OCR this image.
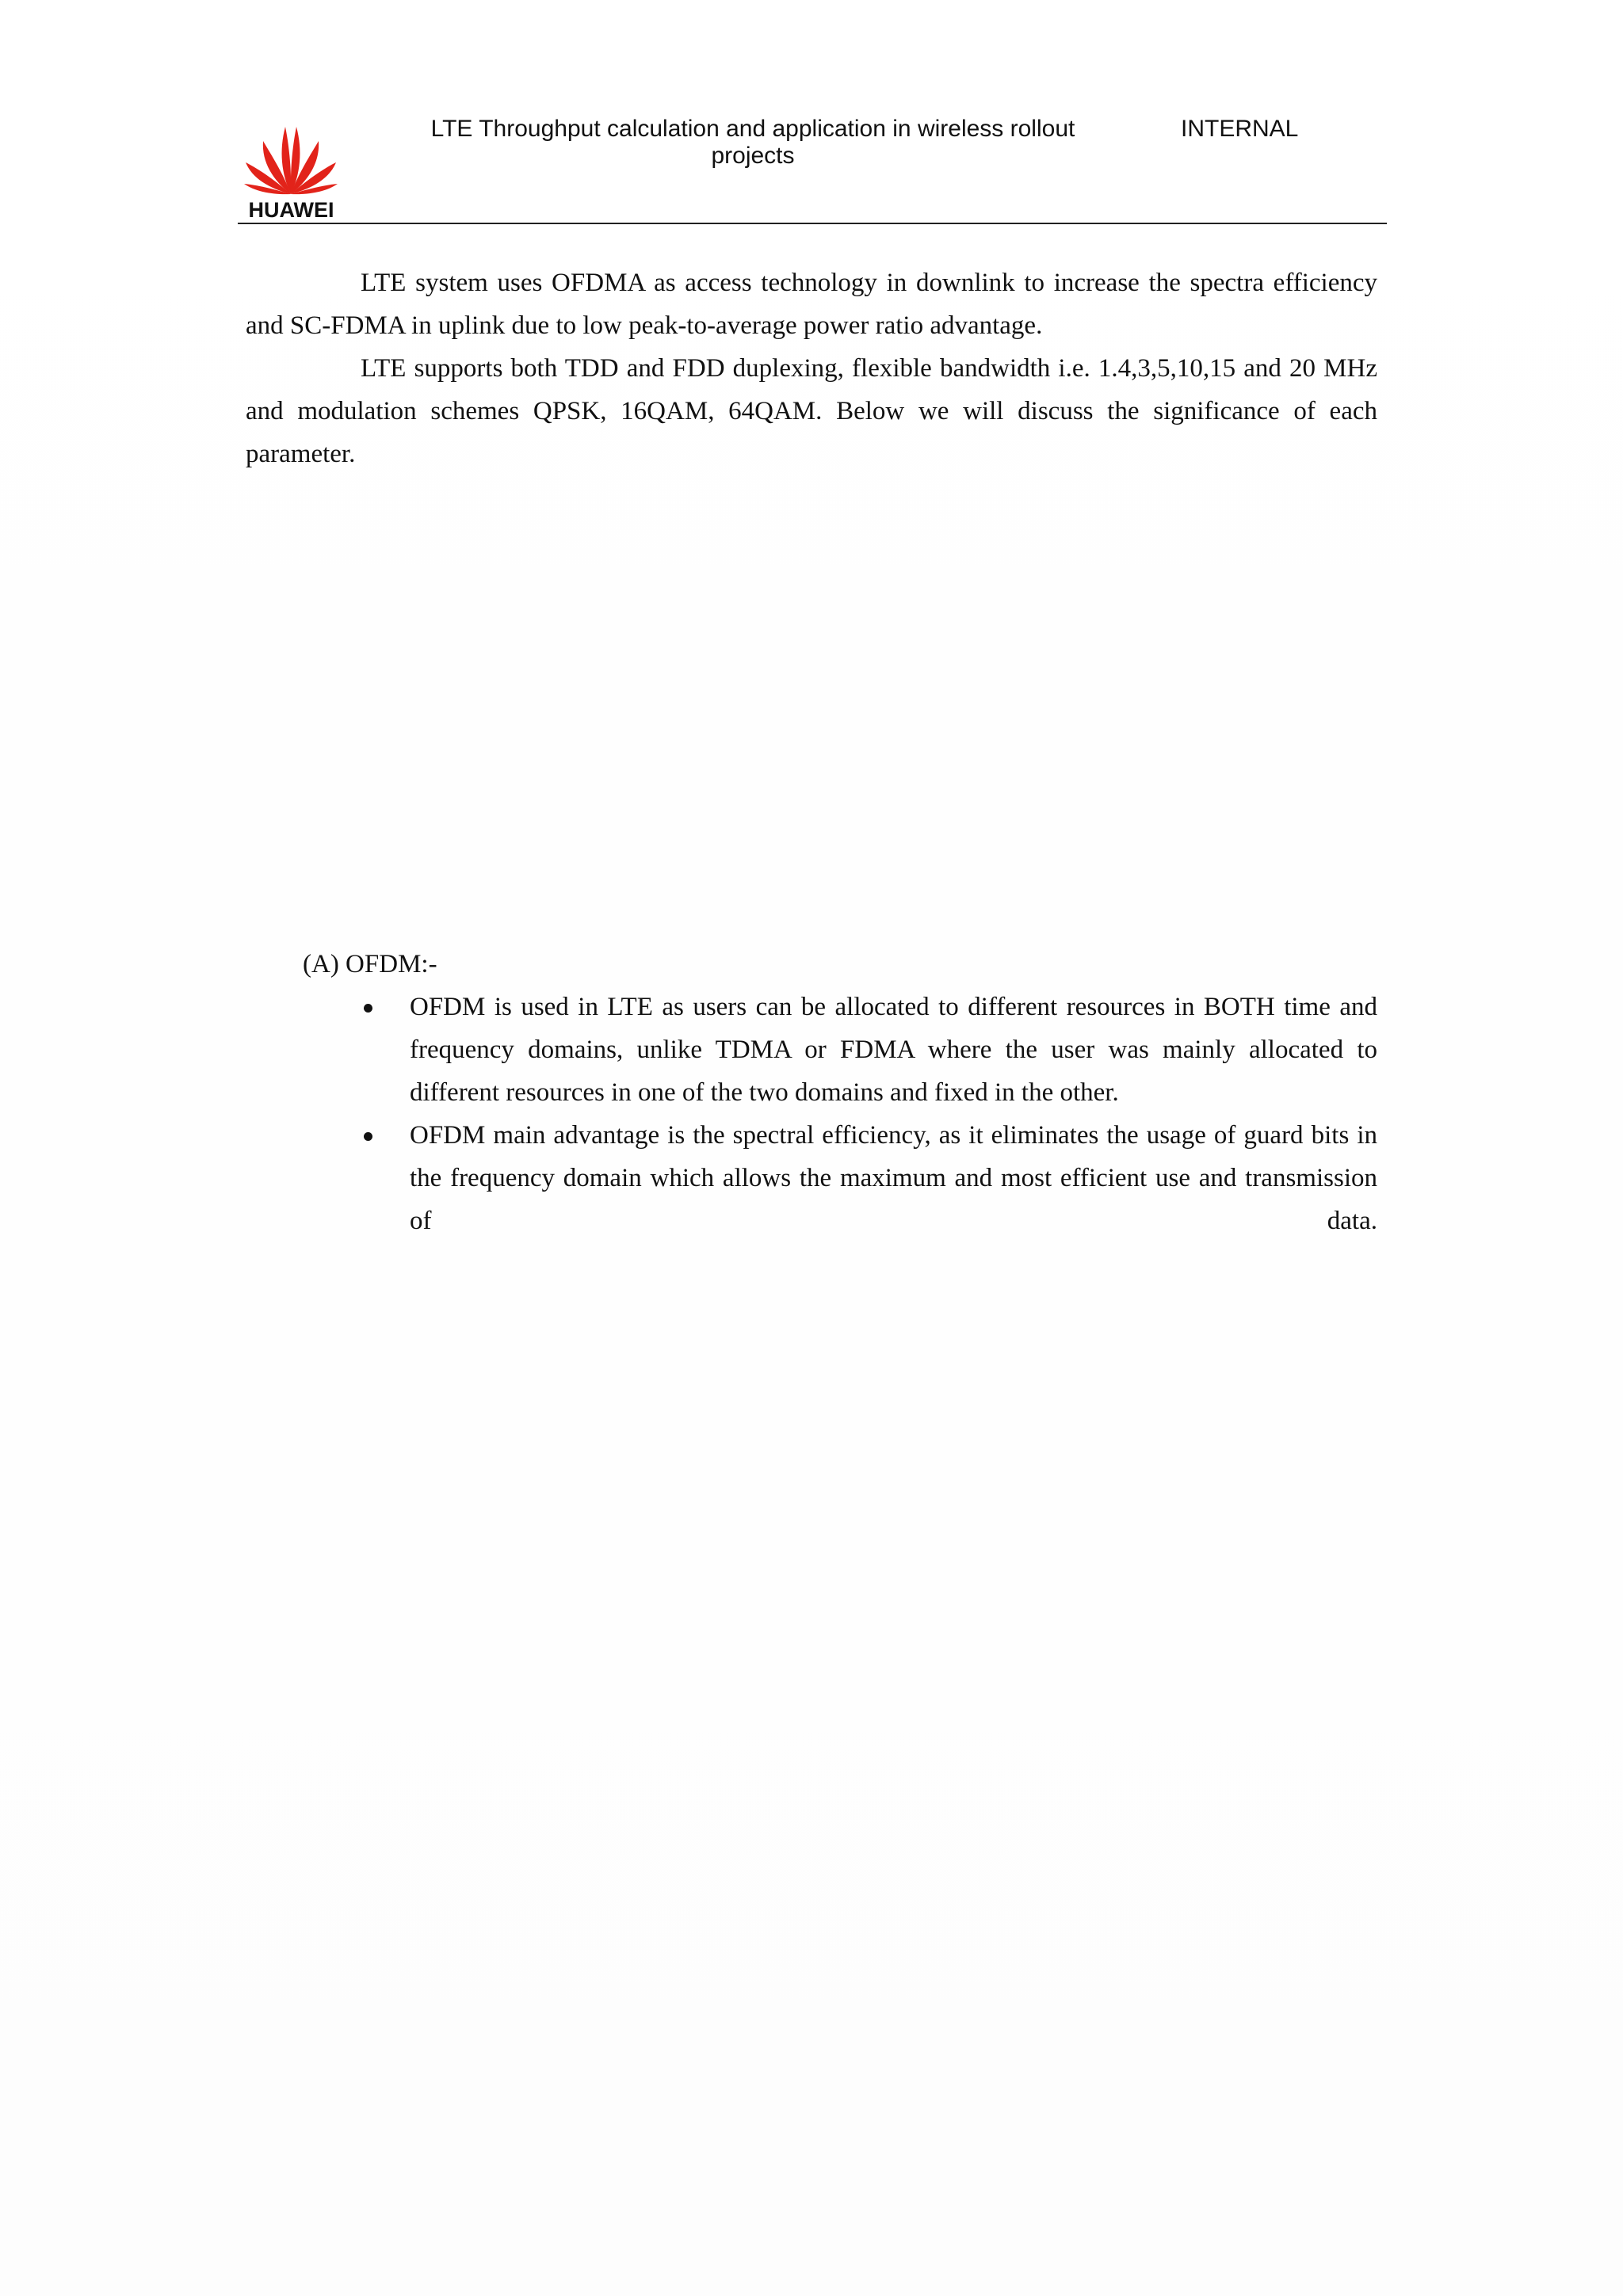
HUAWEI
LTE Throughput calculation and application in wireless rollout projects
INTERNAL

LTE system uses OFDMA as access technology in downlink to increase the spectra efficiency and SC-FDMA in uplink due to low peak-to-average power ratio advantage.

LTE supports both TDD and FDD duplexing, flexible bandwidth i.e. 1.4,3,5,10,15 and 20 MHz and modulation schemes QPSK, 16QAM, 64QAM. Below we will discuss the significance of each parameter.

(A) OFDM:-
OFDM is used in LTE as users can be allocated to different resources in BOTH time and frequency domains, unlike TDMA or FDMA where the user was mainly allocated to different resources in one of the two domains and fixed in the other.
OFDM main advantage is the spectral efficiency, as it eliminates the usage of guard bits in the frequency domain which allows the maximum and most efficient use and transmission of data.
